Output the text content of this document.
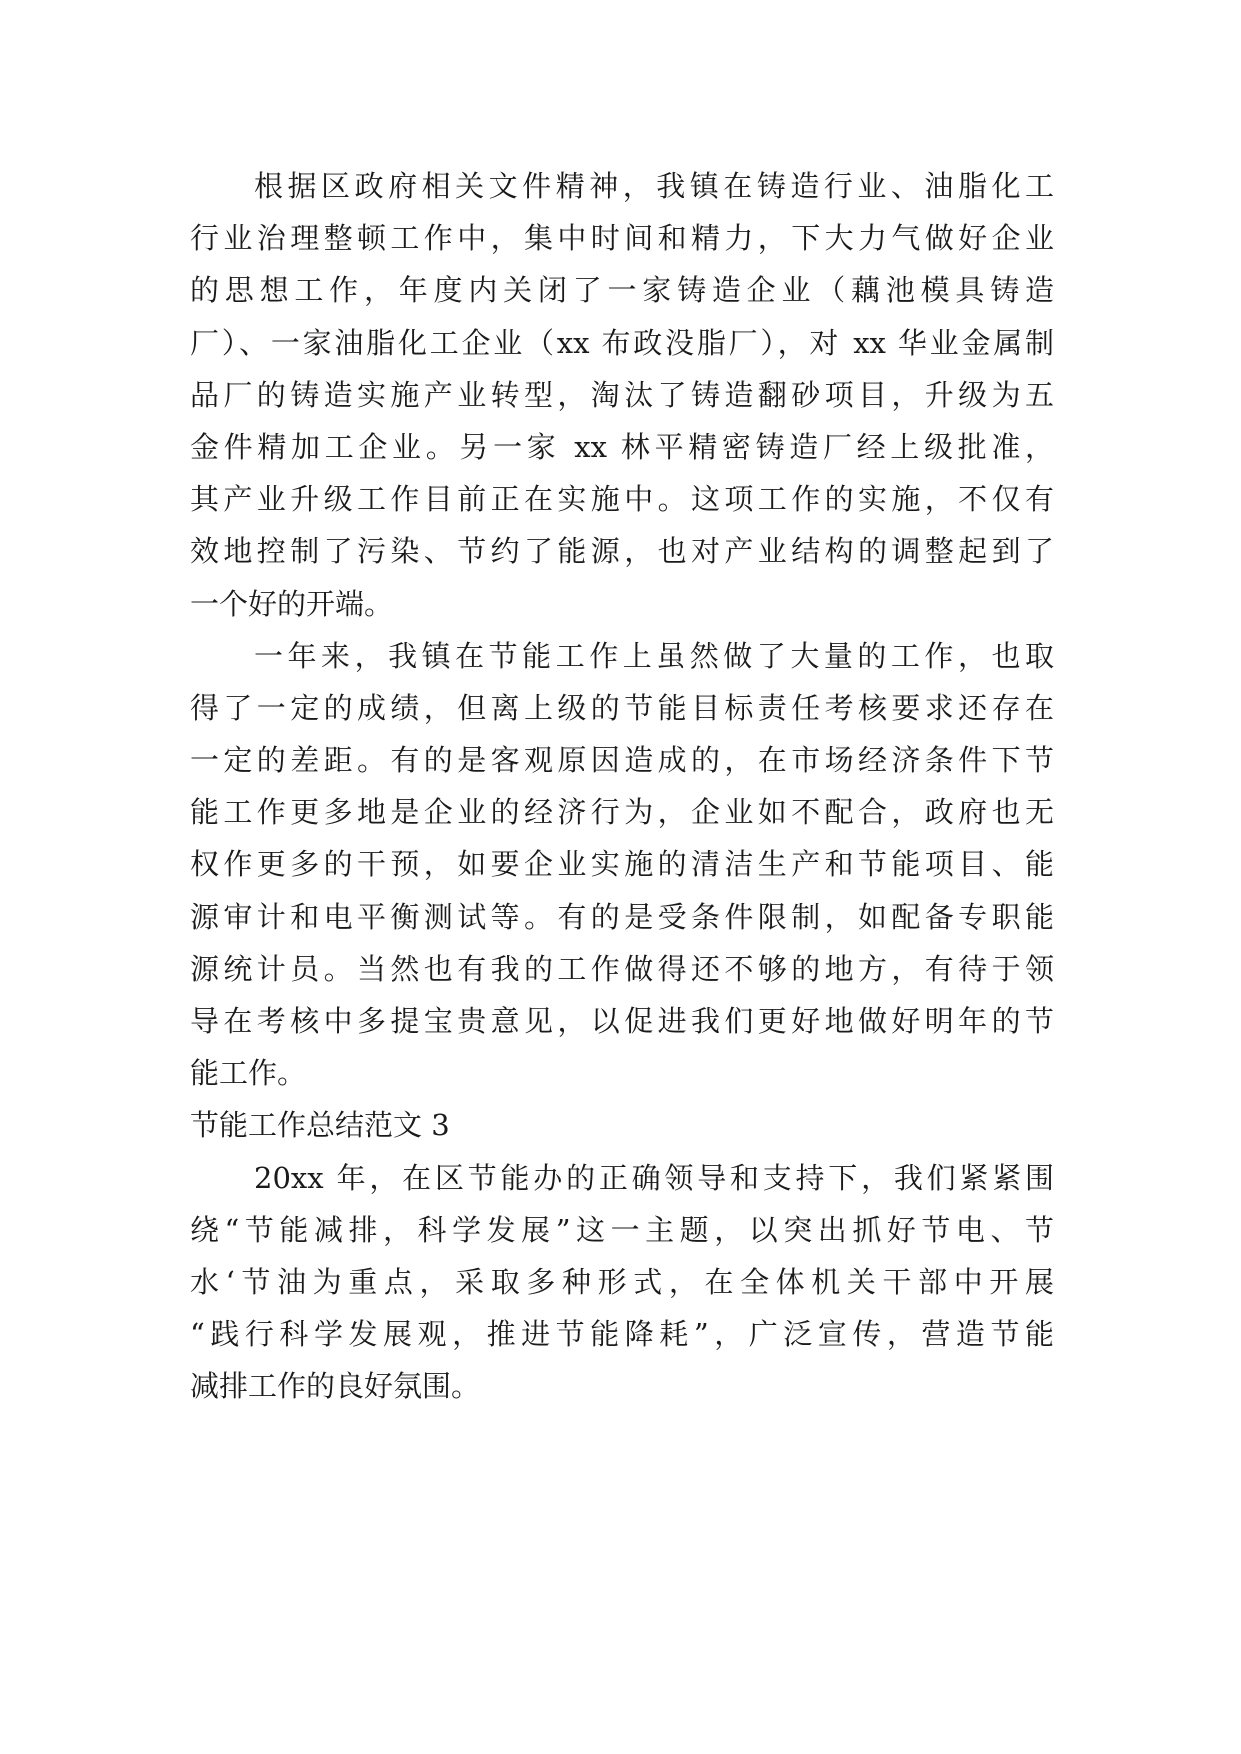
根据区政府相关文件精神，我镇在铸造行业、油脂化工
行业治理整顿工作中，集中时间和精力，下大力气做好企业
的思想工作，年度内关闭了一家铸造企业（藕池模具铸造
厂）、一家油脂化工企业（xx 布政没脂厂），对 xx 华业金属制
品厂的铸造实施产业转型，淘汰了铸造翻砂项目，升级为五
金件精加工企业。另一家 xx 林平精密铸造厂经上级批准，
其产业升级工作目前正在实施中。这项工作的实施，不仅有
效地控制了污染、节约了能源，也对产业结构的调整起到了
一个好的开端。
一年来，我镇在节能工作上虽然做了大量的工作，也取
得了一定的成绩，但离上级的节能目标责任考核要求还存在
一定的差距。有的是客观原因造成的，在市场经济条件下节
能工作更多地是企业的经济行为，企业如不配合，政府也无
权作更多的干预，如要企业实施的清洁生产和节能项目、能
源审计和电平衡测试等。有的是受条件限制，如配备专职能
源统计员。当然也有我的工作做得还不够的地方，有待于领
导在考核中多提宝贵意见，以促进我们更好地做好明年的节
能工作。
节能工作总结范文 3
20xx 年，在区节能办的正确领导和支持下，我们紧紧围
绕“节能减排，科学发展”这一主题，以突出抓好节电、节
水‘节油为重点，采取多种形式，在全体机关干部中开展
“践行科学发展观，推进节能降耗”，广泛宣传，营造节能
减排工作的良好氛围。
